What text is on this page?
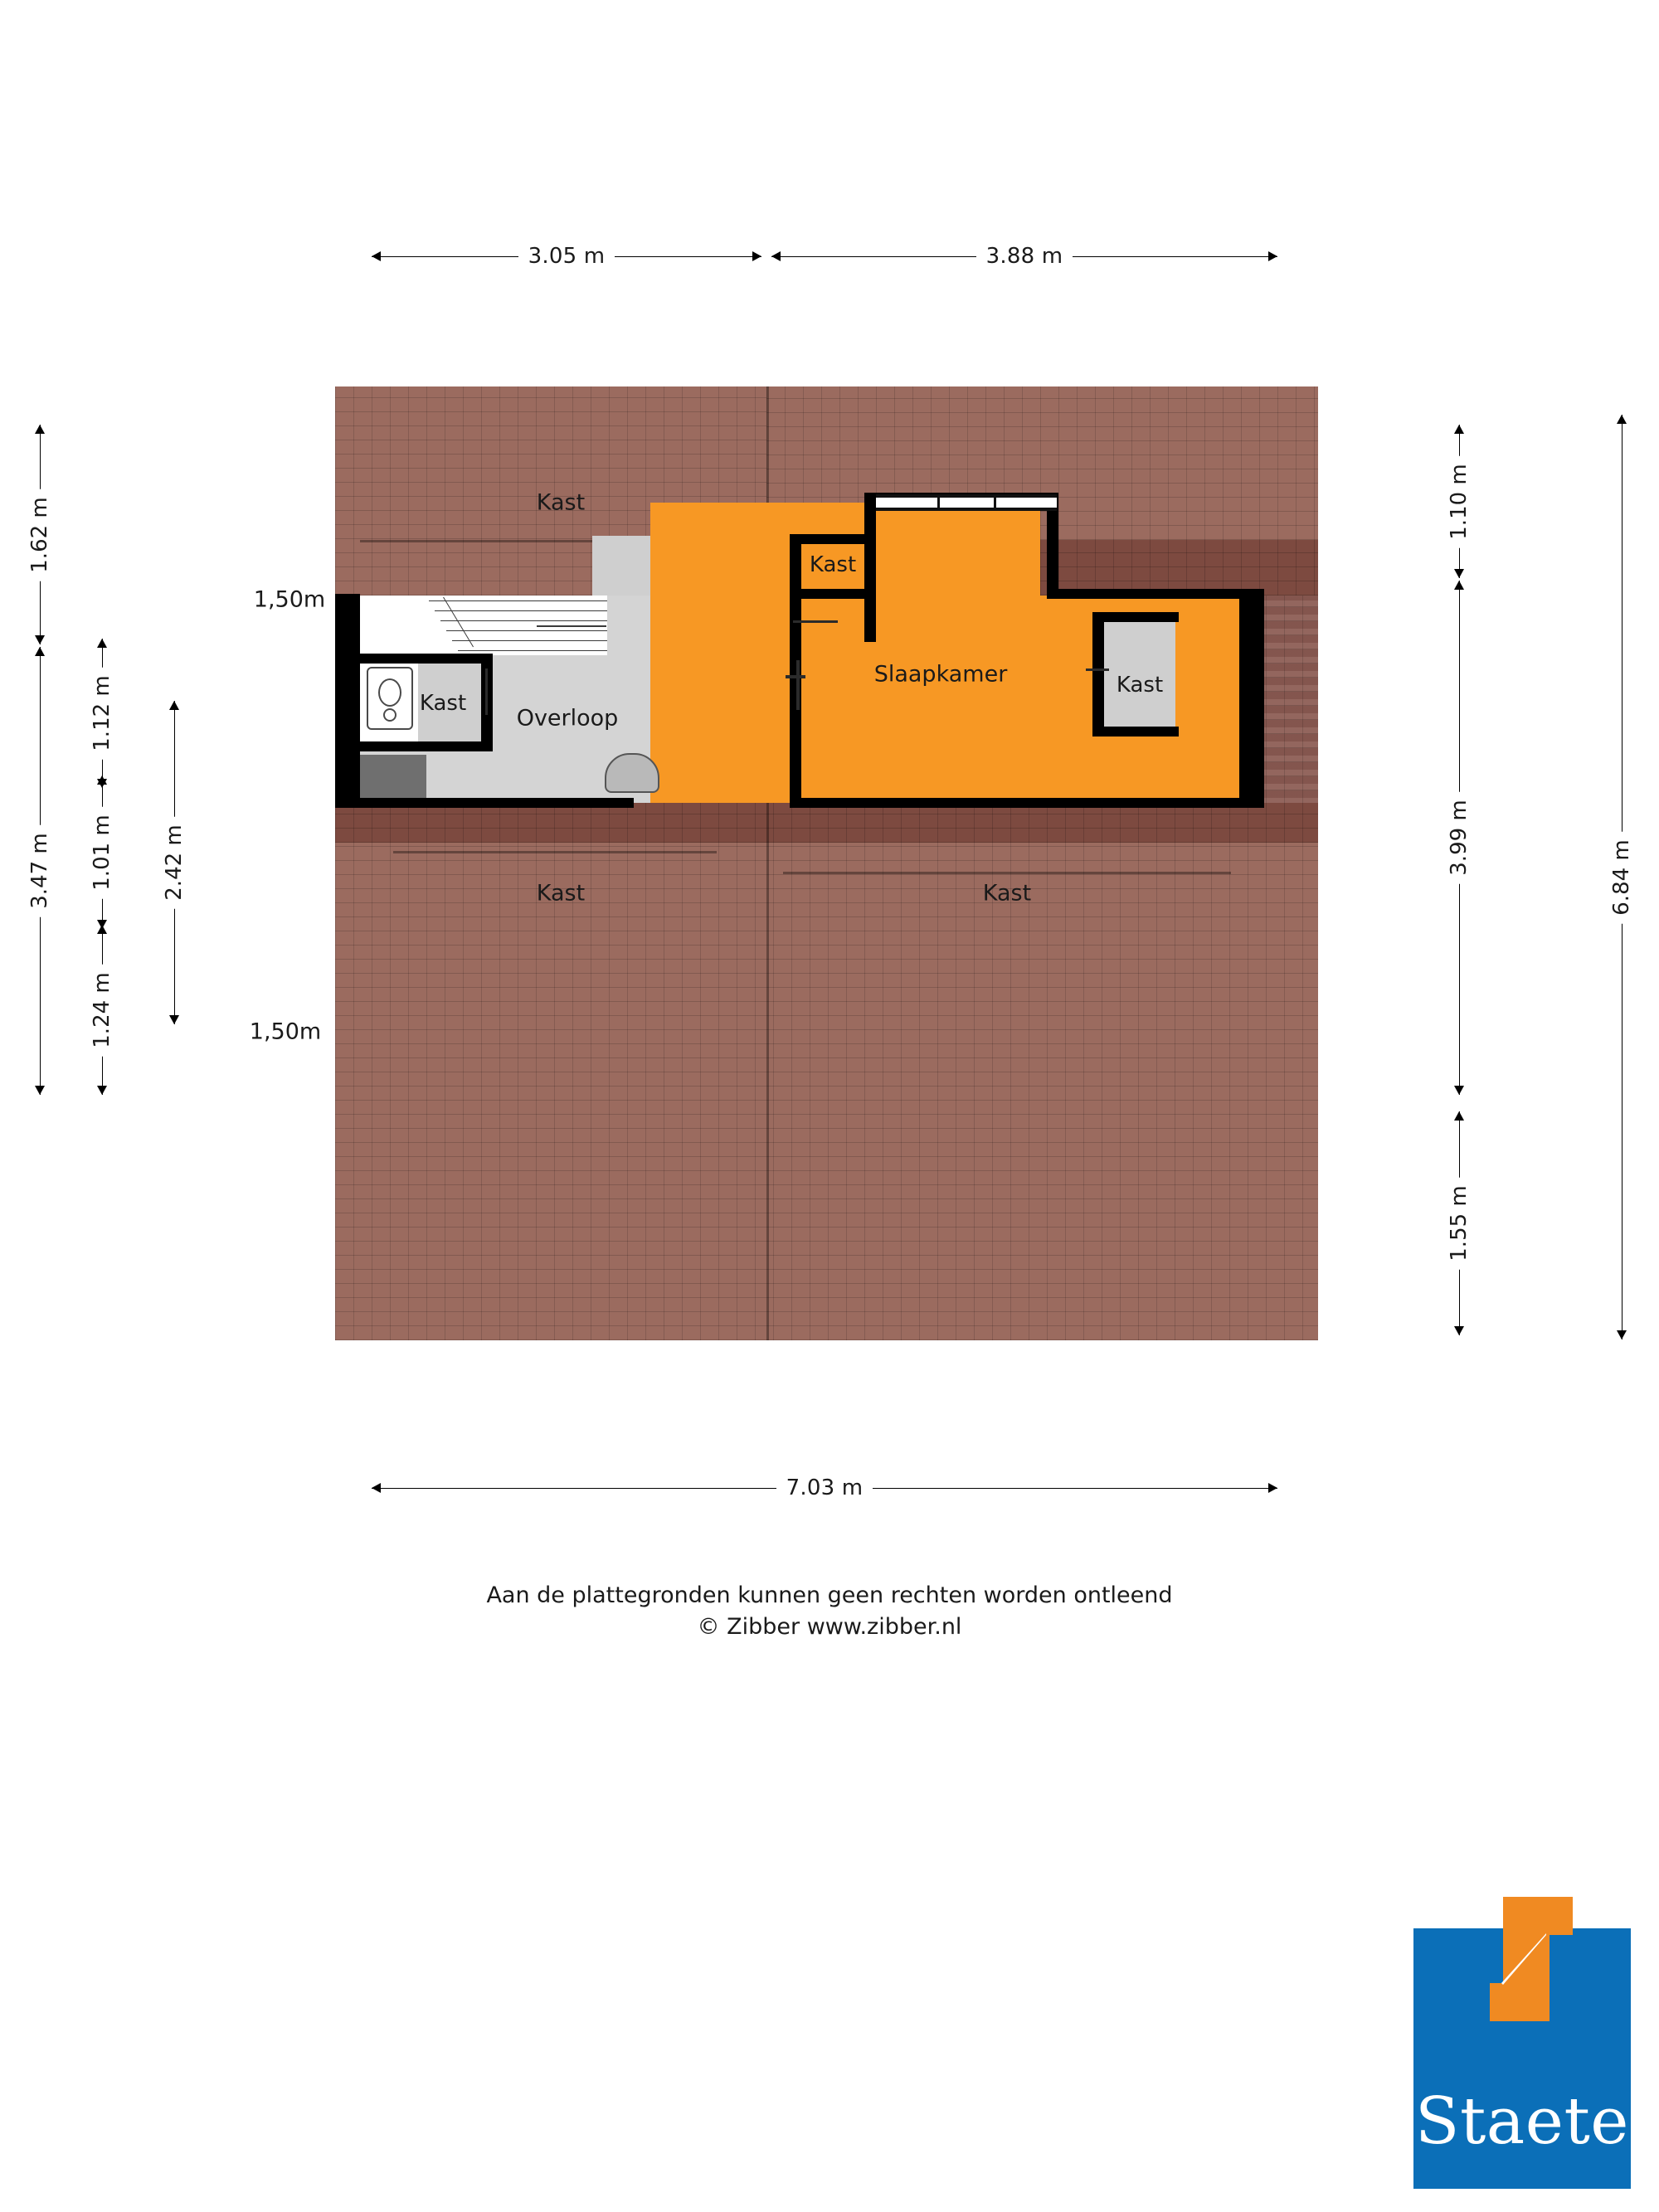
3.05 m	3.88 m
1.62 m
3.47 m
1.24 m
1.01 m
1.12 m
2.42 m
1.10 m
3.99 m
1.55 m
6.84 m
Kast
Kast
Kast
Kast
Kast	Kast
Overloop
Slaapkamer
1,50m
1,50m
7.03 m
Aan de plattegronden kunnen geen rechten worden ontleend
© Zibber www.zibber.nl
Staete
